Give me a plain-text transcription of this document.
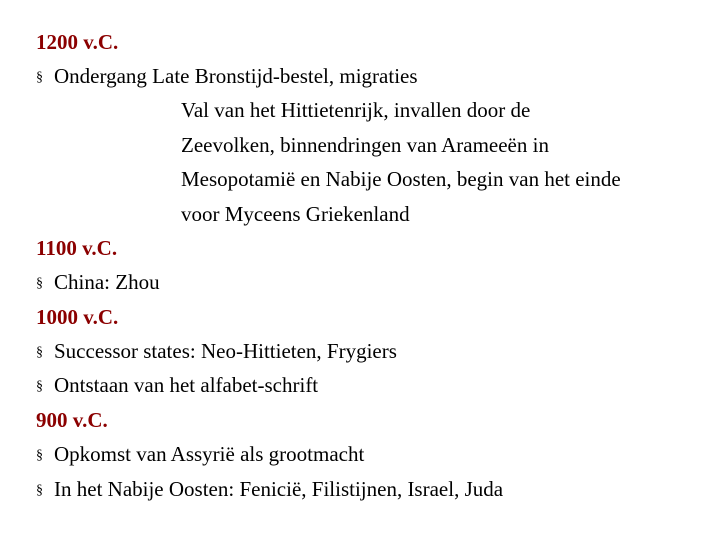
1200 v.C.
§ Ondergang Late Bronstijd-bestel, migraties
Val van het Hittietenrijk, invallen door de
Zeevolken, binnendringen van Arameeën in
Mesopotamië en Nabije Oosten, begin van het einde
voor Myceens Griekenland
1100 v.C.
§ China: Zhou
1000 v.C.
§ Successor states: Neo-Hittieten, Frygiers
§ Ontstaan van het alfabet-schrift
900 v.C.
§ Opkomst van Assyrië als grootmacht
§ In het Nabije Oosten: Fenicië, Filistijnen, Israel, Juda
